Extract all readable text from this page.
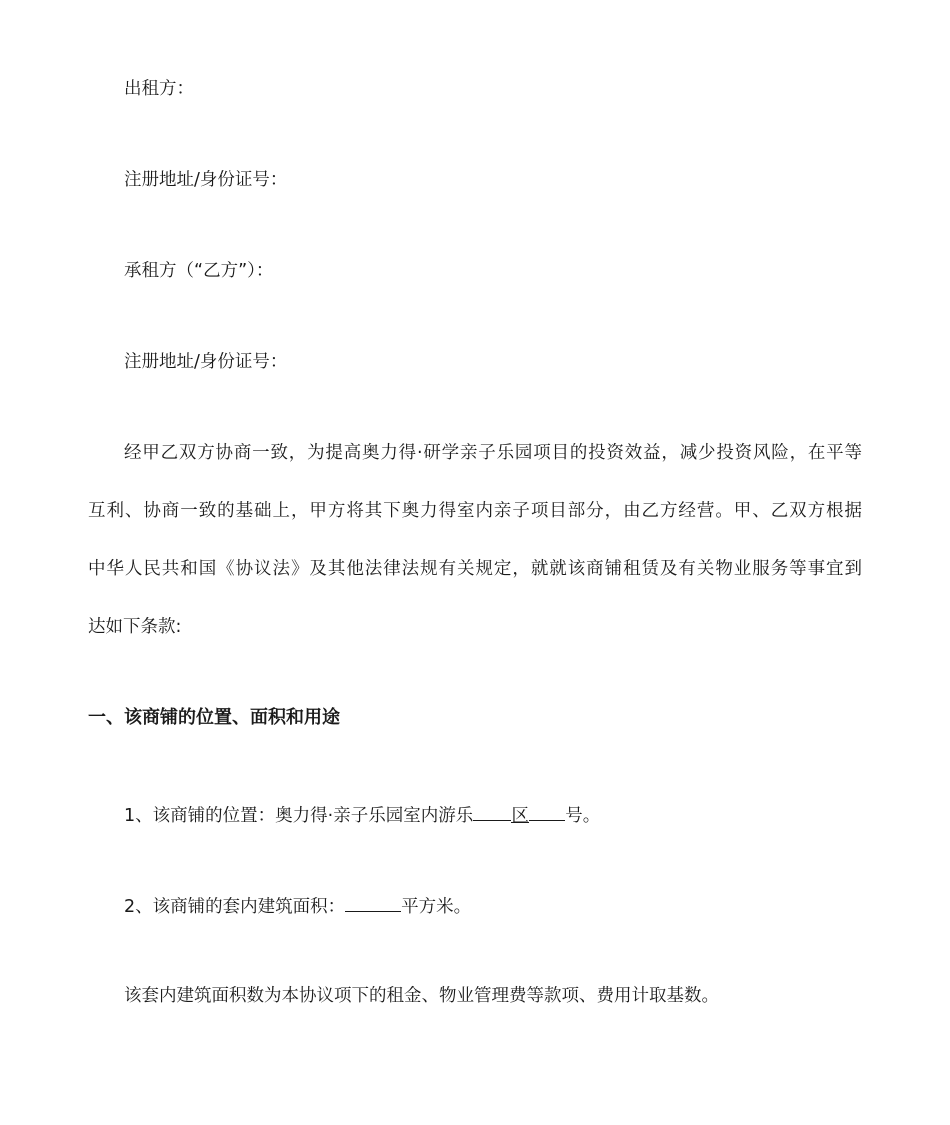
出租方：
注册地址/身份证号：
承租方（“乙方”）：
注册地址/身份证号：
经甲乙双方协商一致，为提高奥力得·研学亲子乐园项目的投资效益，减少投资风险，在平等
互利、协商一致的基础上，甲方将其下奥力得室内亲子项目部分，由乙方经营。甲、乙双方根据
中华人民共和国《协议法》及其他法律法规有关规定，就就该商铺租赁及有关物业服务等事宜到
达如下条款:
一、该商铺的位置、面积和用途
1、该商铺的位置：奥力得·亲子乐园室内游乐 区 号。
2、该商铺的套内建筑面积：	平方米。
该套内建筑面积数为本协议项下的租金、物业管理费等款项、费用计取基数。
